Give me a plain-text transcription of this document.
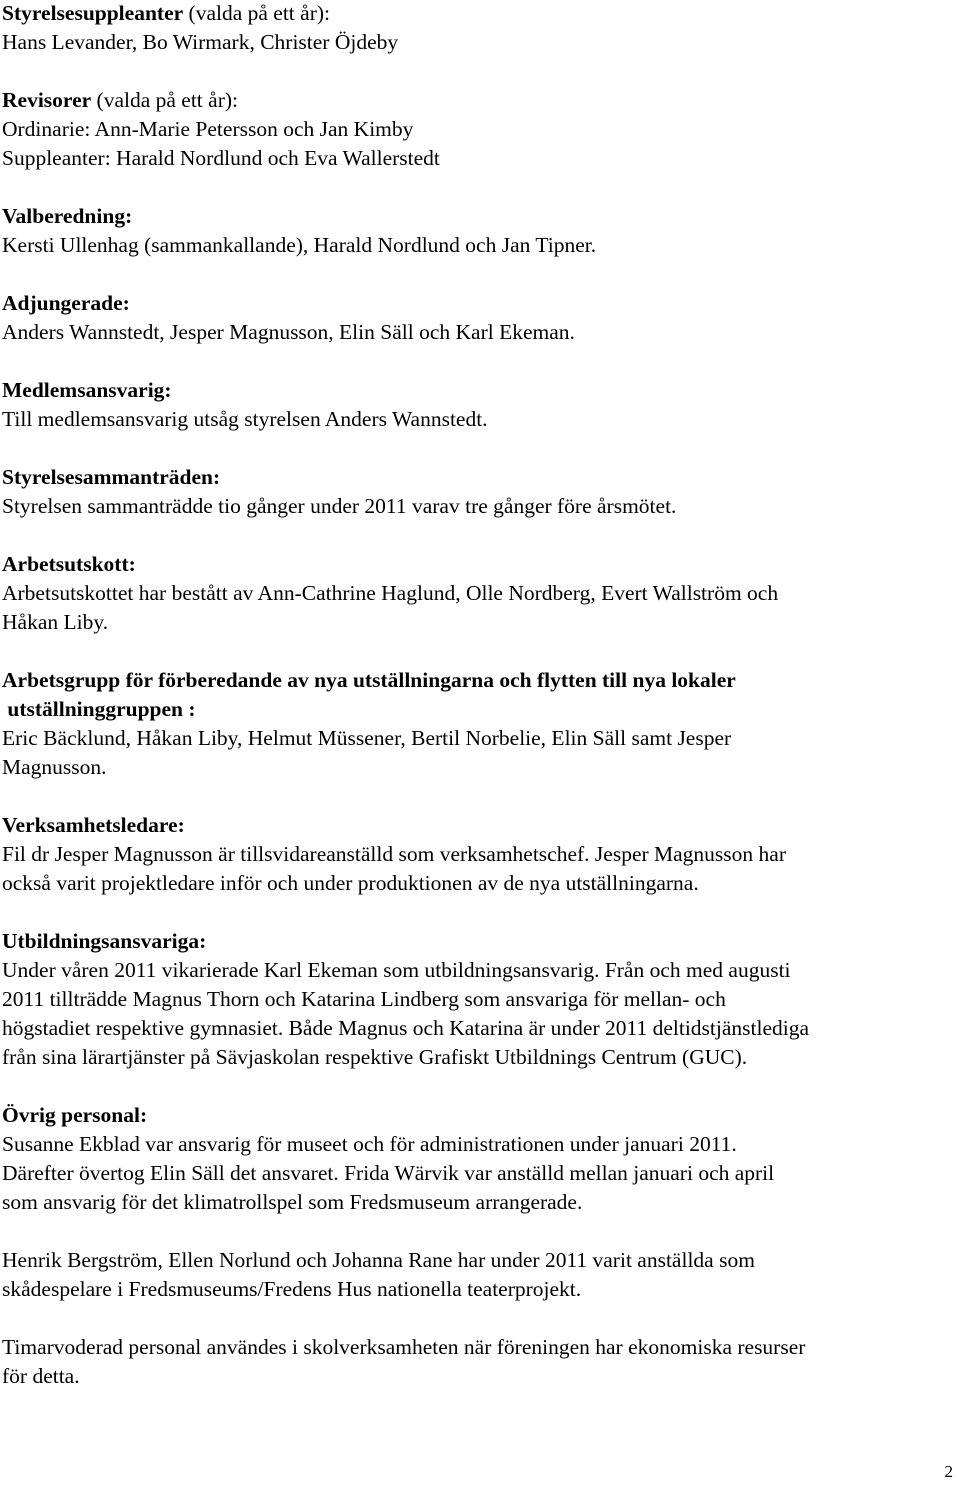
Styrelsesuppleanter (valda på ett år):
Hans Levander, Bo Wirmark, Christer Öjdeby
Revisorer (valda på ett år):
Ordinarie: Ann-Marie Petersson och Jan Kimby
Suppleanter: Harald Nordlund och Eva Wallerstedt
Valberedning:
Kersti Ullenhag (sammankallande), Harald Nordlund och Jan Tipner.
Adjungerade:
Anders Wannstedt, Jesper Magnusson, Elin Säll och Karl Ekeman.
Medlemsansvarig:
Till medlemsansvarig utsåg styrelsen Anders Wannstedt.
Styrelsesammanträden:
Styrelsen sammanträdde tio gånger under 2011 varav tre gånger före årsmötet.
Arbetsutskott:
Arbetsutskottet har bestått av Ann-Cathrine Haglund, Olle Nordberg, Evert Wallström och
Håkan Liby.
Arbetsgrupp för förberedande av nya utställningarna och flytten till nya lokaler
utställninggruppen :
Eric Bäcklund, Håkan Liby, Helmut Müssener, Bertil Norbelie, Elin Säll samt Jesper
Magnusson.
Verksamhetsledare:
Fil dr Jesper Magnusson är tillsvidareanställd som verksamhetschef. Jesper Magnusson har
också varit projektledare inför och under produktionen av de nya utställningarna.
Utbildningsansvariga:
Under våren 2011 vikarierade Karl Ekeman som utbildningsansvarig. Från och med augusti
2011 tillträdde Magnus Thorn och Katarina Lindberg som ansvariga för mellan- och
högstadiet respektive gymnasiet. Både Magnus och Katarina är under 2011 deltidstjänstlediga
från sina lärartjänster på Sävjaskolan respektive Grafiskt Utbildnings Centrum (GUC).
Övrig personal:
Susanne Ekblad var ansvarig för museet och för administrationen under januari 2011.
Därefter övertog Elin Säll det ansvaret. Frida Wärvik var anställd mellan januari och april
som ansvarig för det klimatrollspel som Fredsmuseum arrangerade.
Henrik Bergström, Ellen Norlund och Johanna Rane har under 2011 varit anställda som
skådespelare i Fredsmuseums/Fredens Hus nationella teaterprojekt.
Timarvoderad personal användes i skolverksamheten när föreningen har ekonomiska resurser
för detta.
2
